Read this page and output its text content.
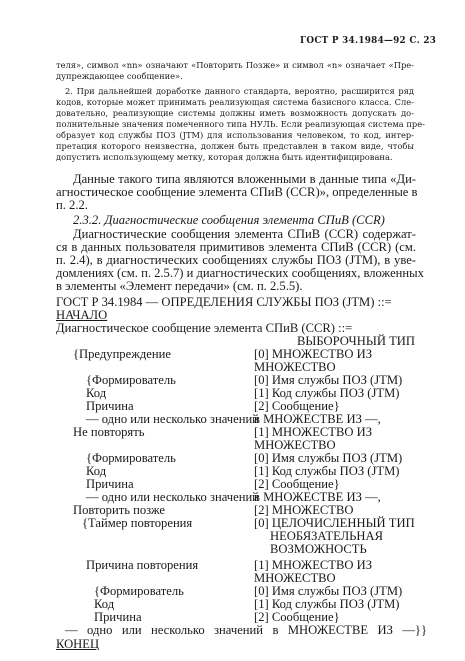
ГОСТ Р 34.1984—92 С. 23
теля», символ «nn» означают «Повторить Позже» и символ «n» означает «Пре-
дупреждающее сообщение».
2. При дальнейшей доработке данного стандарта, вероятно, расширится ряд
кодов, которые может принимать реализующая система базисного класса. Сле-
довательно, реализующие системы должны иметь возможность допускать до-
полнительные значения помеченного типа НУЛЬ. Если реализующая система пре-
образует код службы ПОЗ (JTM) для использования человеком, то код, интер-
претация которого неизвестна, должен быть представлен в таком виде, чтобы
допустить использующему метку, которая должна быть идентифицирована.
Данные такого типа являются вложенными в данные типа «Ди-
агностическое сообщение элемента СПиВ (CCR)», определенные в
п. 2.2.
2.3.2. Диагностические сообщения элемента СПиВ (CCR)
Диагностические сообщения элемента СПиВ (CCR) содержат-
ся в данных пользователя примитивов элемента СПиВ (CCR) (см.
п. 2.4), в диагностических сообщениях службы ПОЗ (JTM), в уве-
домлениях (см. п. 2.5.7) и диагностических сообщениях, вложенных
в элементы «Элемент передачи» (см. п. 2.5.5).
ГОСТ Р 34.1984 — ОПРЕДЕЛЕНИЯ СЛУЖБЫ ПОЗ (JTM) ::=
НАЧАЛО
Диагностическое сообщение элемента СПиВ (CCR) ::=
ВЫБОРОЧНЫЙ ТИП
{Предупреждение	[0] МНОЖЕСТВО ИЗ
МНОЖЕСТВО
{Формирователь	[0] Имя службы ПОЗ (JTM)
Код	[1] Код службы ПОЗ (JTM)
Причина	[2] Сообщение}
— одно или несколько значений
в МНОЖЕСТВЕ ИЗ —,
Не повторять	[1] МНОЖЕСТВО ИЗ
МНОЖЕСТВО
{Формирователь	[0] Имя службы ПОЗ (JTM)
Код	[1] Код службы ПОЗ (JTM)
Причина	[2] Сообщение}
— одно или несколько значений
в МНОЖЕСТВЕ ИЗ —,
Повторить позже	[2] МНОЖЕСТВО
{Таймер повторения	[0] ЦЕЛОЧИСЛЕННЫЙ ТИП
НЕОБЯЗАТЕЛЬНАЯ
ВОЗМОЖНОСТЬ
Причина повторения	[1] МНОЖЕСТВО ИЗ
МНОЖЕСТВО
{Формирователь	[0] Имя службы ПОЗ (JTM)
Код	[1] Код службы ПОЗ (JTM)
Причина	[2] Сообщение}
— одно или несколько значений в МНОЖЕСТВЕ ИЗ —}}
КОНЕЦ
